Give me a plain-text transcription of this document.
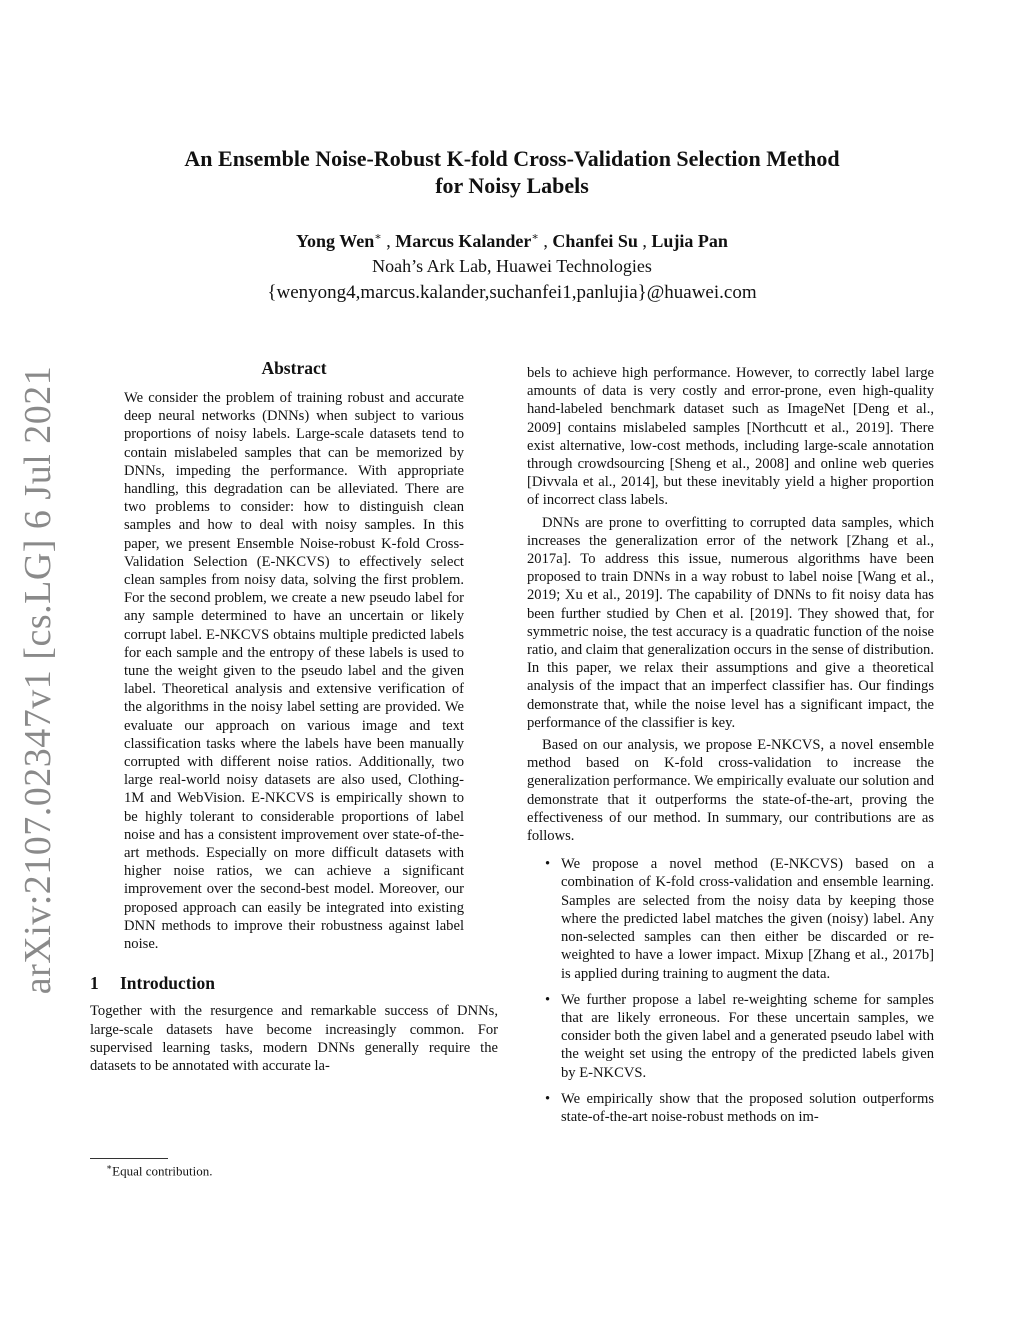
arXiv:2107.02347v1 [cs.LG] 6 Jul 2021
An Ensemble Noise-Robust K-fold Cross-Validation Selection Method
for Noisy Labels
Yong Wen∗ , Marcus Kalander∗ , Chanfei Su , Lujia Pan
Noah’s Ark Lab, Huawei Technologies
{wenyong4,marcus.kalander,suchanfei1,panlujia}@huawei.com
Abstract

We consider the problem of training robust and accurate deep neural networks (DNNs) when subject to various proportions of noisy labels. Large-scale datasets tend to contain mislabeled samples that can be memorized by DNNs, impeding the performance. With appropriate handling, this degradation can be alleviated. There are two problems to consider: how to distinguish clean samples and how to deal with noisy samples. In this paper, we present Ensemble Noise-robust K-fold Cross-Validation Selection (E-NKCVS) to effectively select clean samples from noisy data, solving the first problem. For the second problem, we create a new pseudo label for any sample determined to have an uncertain or likely corrupt label. E-NKCVS obtains multiple predicted labels for each sample and the entropy of these labels is used to tune the weight given to the pseudo label and the given label. Theoretical analysis and extensive verification of the algorithms in the noisy label setting are provided. We evaluate our approach on various image and text classification tasks where the labels have been manually corrupted with different noise ratios. Additionally, two large real-world noisy datasets are also used, Clothing-1M and WebVision. E-NKCVS is empirically shown to be highly tolerant to considerable proportions of label noise and has a consistent improvement over state-of-the-art methods. Especially on more difficult datasets with higher noise ratios, we can achieve a significant improvement over the second-best model. Moreover, our proposed approach can easily be integrated into existing DNN methods to improve their robustness against label noise.

1 Introduction

Together with the resurgence and remarkable success of DNNs, large-scale datasets have become increasingly common. For supervised learning tasks, modern DNNs generally require the datasets to be annotated with accurate la-

bels to achieve high performance. However, to correctly label large amounts of data is very costly and error-prone, even high-quality hand-labeled benchmark dataset such as ImageNet [Deng et al., 2009] contains mislabeled samples [Northcutt et al., 2019]. There exist alternative, low-cost methods, including large-scale annotation through crowdsourcing [Sheng et al., 2008] and online web queries [Divvala et al., 2014], but these inevitably yield a higher proportion of incorrect class labels.

DNNs are prone to overfitting to corrupted data samples, which increases the generalization error of the network [Zhang et al., 2017a]. To address this issue, numerous algorithms have been proposed to train DNNs in a way robust to label noise [Wang et al., 2019; Xu et al., 2019]. The capability of DNNs to fit noisy data has been further studied by Chen et al. [2019]. They showed that, for symmetric noise, the test accuracy is a quadratic function of the noise ratio, and claim that generalization occurs in the sense of distribution. In this paper, we relax their assumptions and give a theoretical analysis of the impact that an imperfect classifier has. Our findings demonstrate that, while the noise level has a significant impact, the performance of the classifier is key.

Based on our analysis, we propose E-NKCVS, a novel ensemble method based on K-fold cross-validation to increase the generalization performance. We empirically evaluate our solution and demonstrate that it outperforms the state-of-the-art, proving the effectiveness of our method. In summary, our contributions are as follows.

• We propose a novel method (E-NKCVS) based on a combination of K-fold cross-validation and ensemble learning. Samples are selected from the noisy data by keeping those where the predicted label matches the given (noisy) label. Any non-selected samples can then either be discarded or re-weighted to have a lower impact. Mixup [Zhang et al., 2017b] is applied during training to augment the data.
• We further propose a label re-weighting scheme for samples that are likely erroneous. For these uncertain samples, we consider both the given label and a generated pseudo label with the weight set using the entropy of the predicted labels given by E-NKCVS.
• We empirically show that the proposed solution outperforms state-of-the-art noise-robust methods on im-
∗Equal contribution.
